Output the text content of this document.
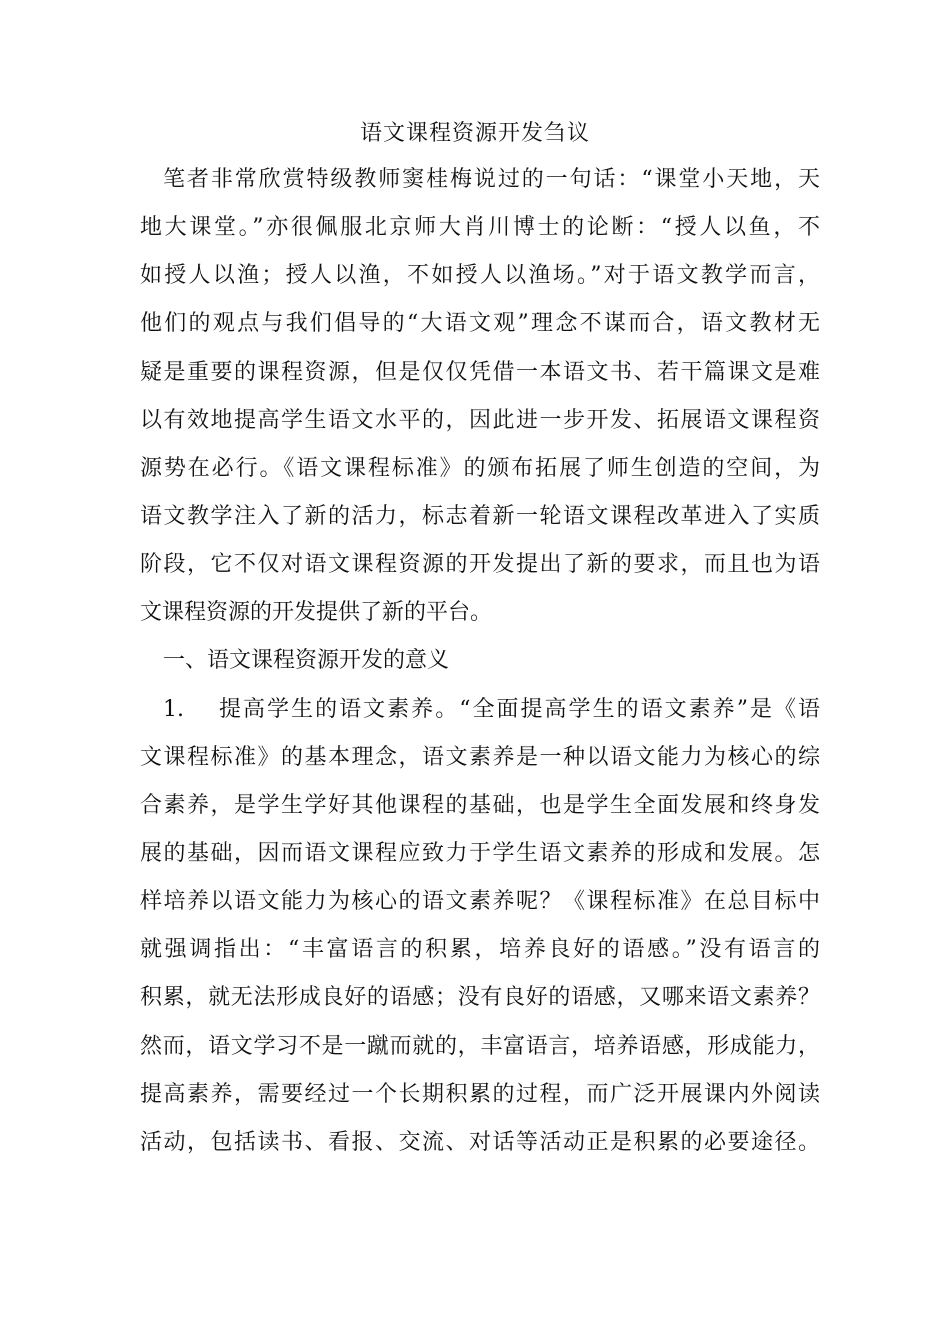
语文课程资源开发刍议
笔者非常欣赏特级教师窦桂梅说过的一句话：“课堂小天地，天
地大课堂。”亦很佩服北京师大肖川博士的论断：“授人以鱼，不
如授人以渔；授人以渔，不如授人以渔场。”对于语文教学而言，
他们的观点与我们倡导的“大语文观”理念不谋而合，语文教材无
疑是重要的课程资源，但是仅仅凭借一本语文书、若干篇课文是难
以有效地提高学生语文水平的，因此进一步开发、拓展语文课程资
源势在必行。《语文课程标准》的颁布拓展了师生创造的空间，为
语文教学注入了新的活力，标志着新一轮语文课程改革进入了实质
阶段，它不仅对语文课程资源的开发提出了新的要求，而且也为语
文课程资源的开发提供了新的平台。
一、语文课程资源开发的意义
1. 提高学生的语文素养。“全面提高学生的语文素养”是《语
文课程标准》的基本理念，语文素养是一种以语文能力为核心的综
合素养，是学生学好其他课程的基础，也是学生全面发展和终身发
展的基础，因而语文课程应致力于学生语文素养的形成和发展。怎
样培养以语文能力为核心的语文素养呢？《课程标准》在总目标中
就强调指出：“丰富语言的积累，培养良好的语感。”没有语言的
积累，就无法形成良好的语感；没有良好的语感，又哪来语文素养？
然而，语文学习不是一蹴而就的，丰富语言，培养语感，形成能力，
提高素养，需要经过一个长期积累的过程，而广泛开展课内外阅读
活动，包括读书、看报、交流、对话等活动正是积累的必要途径。
